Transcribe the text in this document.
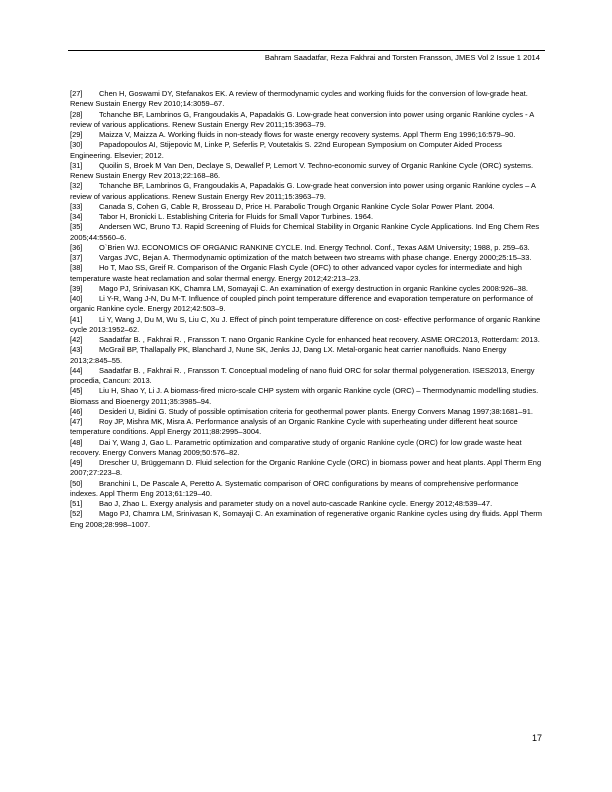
Bahram Saadatfar, Reza Fakhrai and Torsten Fransson, JMES Vol 2 Issue 1 2014

[27] Chen H, Goswami DY, Stefanakos EK. A review of thermodynamic cycles and working fluids for the conversion of low-grade heat. Renew Sustain Energy Rev 2010;14:3059–67.

[28] Tchanche BF, Lambrinos G, Frangoudakis A, Papadakis G. Low-grade heat conversion into power using organic Rankine cycles - A review of various applications. Renew Sustain Energy Rev 2011;15:3963–79.

[29] Maizza V, Maizza A. Working fluids in non-steady flows for waste energy recovery systems. Appl Therm Eng 1996;16:579–90.

[30] Papadopoulos AI, Stijepovic M, Linke P, Seferlis P, Voutetakis S. 22nd European Symposium on Computer Aided Process Engineering. Elsevier; 2012.

[31] Quoilin S, Broek M Van Den, Declaye S, Dewallef P, Lemort V. Techno-economic survey of Organic Rankine Cycle (ORC) systems. Renew Sustain Energy Rev 2013;22:168–86.

[32] Tchanche BF, Lambrinos G, Frangoudakis A, Papadakis G. Low-grade heat conversion into power using organic Rankine cycles – A review of various applications. Renew Sustain Energy Rev 2011;15:3963–79.

[33] Canada S, Cohen G, Cable R, Brosseau D, Price H. Parabolic Trough Organic Rankine Cycle Solar Power Plant. 2004.

[34] Tabor H, Bronicki L. Establishing Criteria for Fluids for Small Vapor Turbines. 1964.

[35] Andersen WC, Bruno TJ. Rapid Screening of Fluids for Chemical Stability in Organic Rankine Cycle Applications. Ind Eng Chem Res 2005;44:5560–6.

[36] O`Brien WJ. ECONOMICS OF ORGANIC RANKINE CYCLE. Ind. Energy Technol. Conf., Texas A&M University; 1988, p. 259–63.

[37] Vargas JVC, Bejan A. Thermodynamic optimization of the match between two streams with phase change. Energy 2000;25:15–33.

[38] Ho T, Mao SS, Greif R. Comparison of the Organic Flash Cycle (OFC) to other advanced vapor cycles for intermediate and high temperature waste heat reclamation and solar thermal energy. Energy 2012;42:213–23.

[39] Mago PJ, Srinivasan KK, Chamra LM, Somayaji C. An examination of exergy destruction in organic Rankine cycles 2008:926–38.

[40] Li Y-R, Wang J-N, Du M-T. Influence of coupled pinch point temperature difference and evaporation temperature on performance of organic Rankine cycle. Energy 2012;42:503–9.

[41] Li Y, Wang J, Du M, Wu S, Liu C, Xu J. Effect of pinch point temperature difference on cost- effective performance of organic Rankine cycle 2013:1952–62.

[42] Saadatfar B. , Fakhrai R. , Fransson T. nano Organic Rankine Cycle for enhanced heat recovery. ASME ORC2013, Rotterdam: 2013.

[43] McGrail BP, Thallapally PK, Blanchard J, Nune SK, Jenks JJ, Dang LX. Metal-organic heat carrier nanofluids. Nano Energy 2013;2:845–55.

[44] Saadatfar B. , Fakhrai R. , Fransson T. Conceptual modeling of nano fluid ORC for solar thermal polygeneration. ISES2013, Energy procedia, Cancun: 2013.

[45] Liu H, Shao Y, Li J. A biomass-fired micro-scale CHP system with organic Rankine cycle (ORC) – Thermodynamic modelling studies. Biomass and Bioenergy 2011;35:3985–94.

[46] Desideri U, Bidini G. Study of possible optimisation criteria for geothermal power plants. Energy Convers Manag 1997;38:1681–91.

[47] Roy JP, Mishra MK, Misra A. Performance analysis of an Organic Rankine Cycle with superheating under different heat source temperature conditions. Appl Energy 2011;88:2995–3004.

[48] Dai Y, Wang J, Gao L. Parametric optimization and comparative study of organic Rankine cycle (ORC) for low grade waste heat recovery. Energy Convers Manag 2009;50:576–82.

[49] Drescher U, Brüggemann D. Fluid selection for the Organic Rankine Cycle (ORC) in biomass power and heat plants. Appl Therm Eng 2007;27:223–8.

[50] Branchini L, De Pascale A, Peretto A. Systematic comparison of ORC configurations by means of comprehensive performance indexes. Appl Therm Eng 2013;61:129–40.

[51] Bao J, Zhao L. Exergy analysis and parameter study on a novel auto-cascade Rankine cycle. Energy 2012;48:539–47.

[52] Mago PJ, Chamra LM, Srinivasan K, Somayaji C. An examination of regenerative organic Rankine cycles using dry fluids. Appl Therm Eng 2008;28:998–1007.

17
